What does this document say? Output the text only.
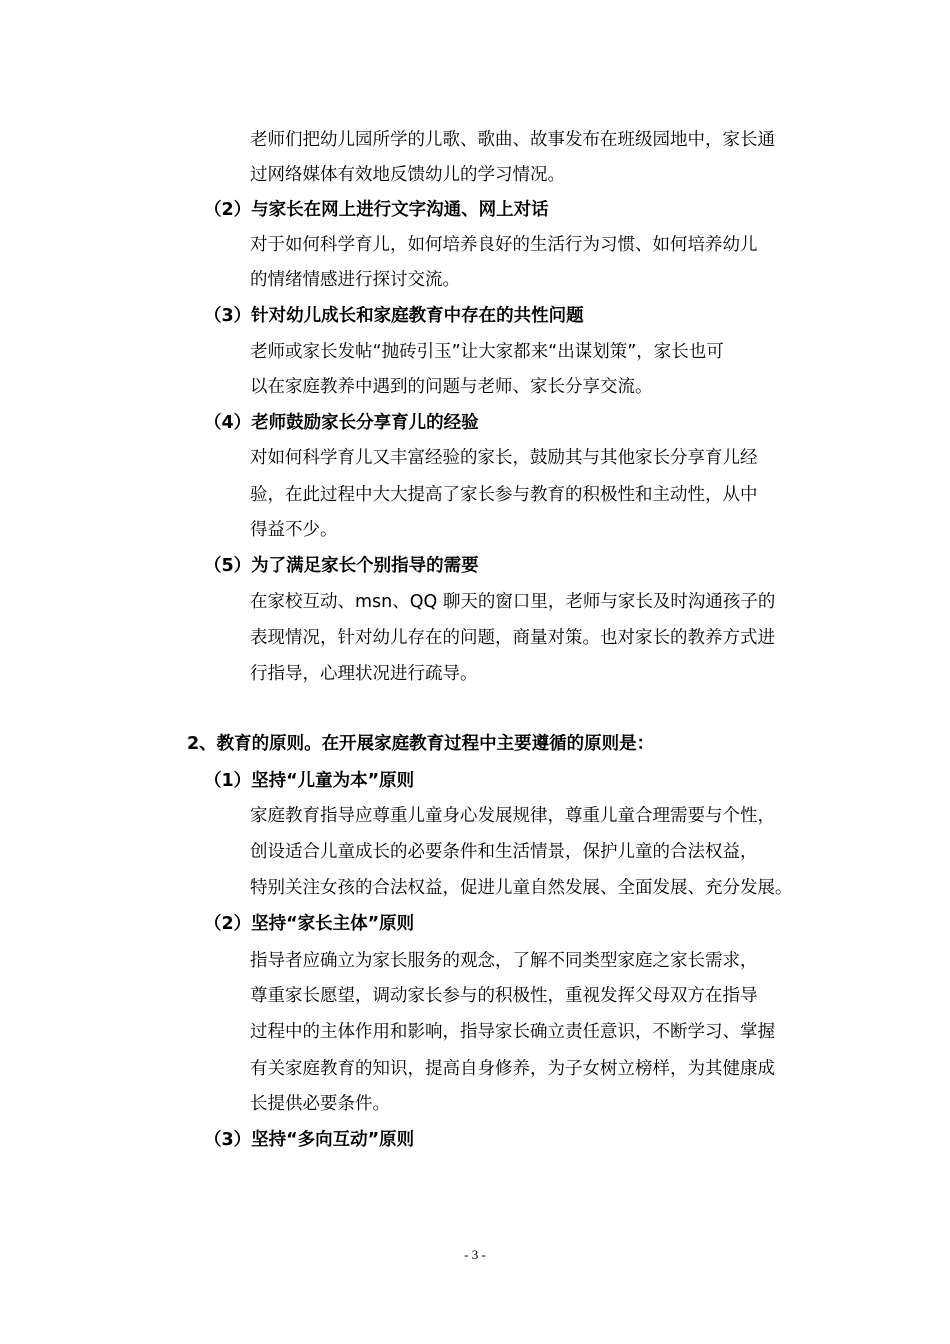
老师们把幼儿园所学的儿歌、歌曲、故事发布在班级园地中，家长通
过网络媒体有效地反馈幼儿的学习情况。
（2）与家长在网上进行文字沟通、网上对话
对于如何科学育儿，如何培养良好的生活行为习惯、如何培养幼儿
的情绪情感进行探讨交流。
（3）针对幼儿成长和家庭教育中存在的共性问题
老师或家长发帖“抛砖引玉”让大家都来“出谋划策”，家长也可
以在家庭教养中遇到的问题与老师、家长分享交流。
（4）老师鼓励家长分享育儿的经验
对如何科学育儿又丰富经验的家长，鼓励其与其他家长分享育儿经
验，在此过程中大大提高了家长参与教育的积极性和主动性，从中
得益不少。
（5）为了满足家长个别指导的需要
在家校互动、msn、QQ 聊天的窗口里，老师与家长及时沟通孩子的
表现情况，针对幼儿存在的问题，商量对策。也对家长的教养方式进
行指导，心理状况进行疏导。
2、教育的原则。在开展家庭教育过程中主要遵循的原则是：
（1）坚持“儿童为本”原则
家庭教育指导应尊重儿童身心发展规律，尊重儿童合理需要与个性，
创设适合儿童成长的必要条件和生活情景，保护儿童的合法权益，
特别关注女孩的合法权益，促进儿童自然发展、全面发展、充分发展。
（2）坚持“家长主体”原则
指导者应确立为家长服务的观念，了解不同类型家庭之家长需求，
尊重家长愿望，调动家长参与的积极性，重视发挥父母双方在指导
过程中的主体作用和影响，指导家长确立责任意识，不断学习、掌握
有关家庭教育的知识，提高自身修养，为子女树立榜样，为其健康成
长提供必要条件。
（3）坚持“多向互动”原则
- 3 -
